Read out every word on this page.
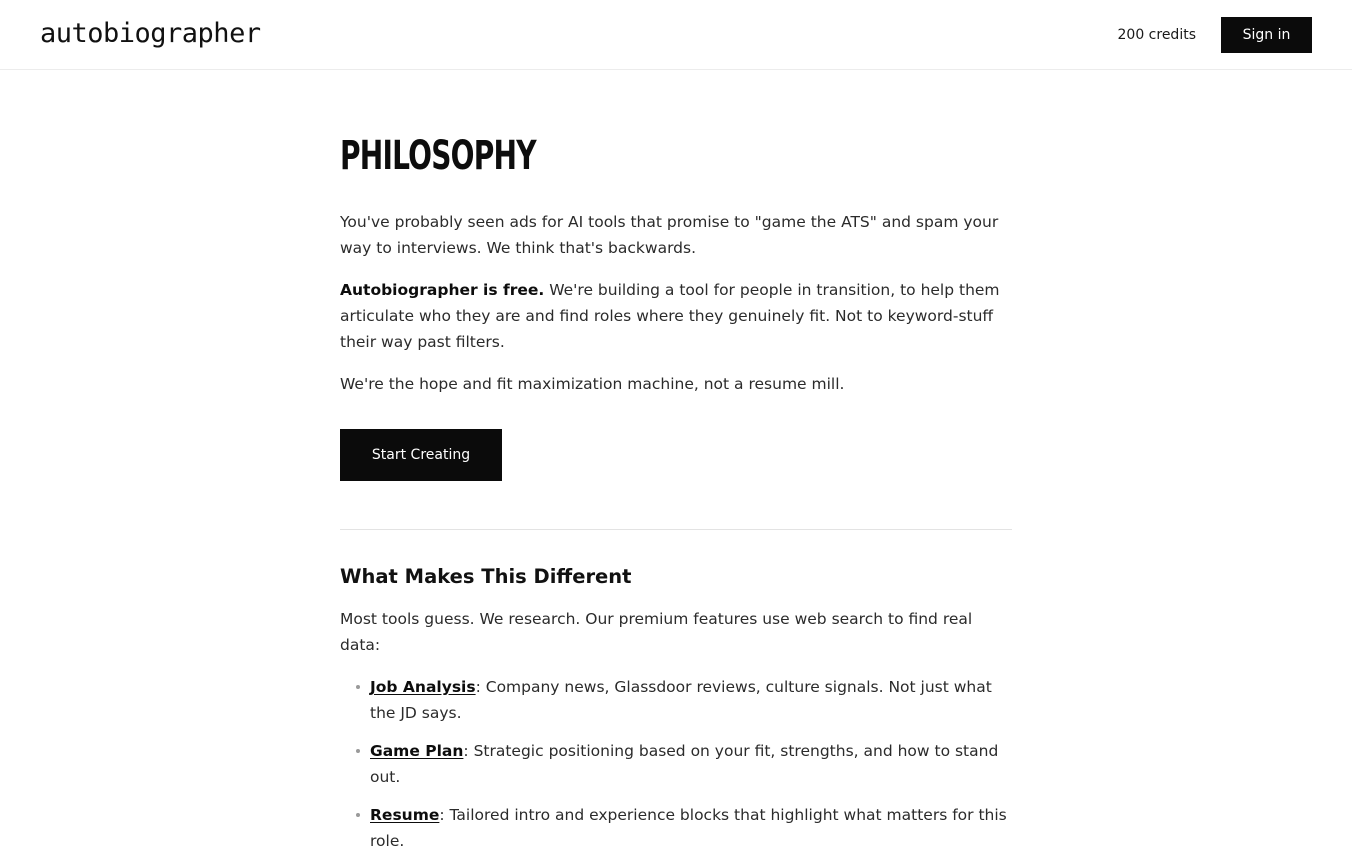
autobiographer	200 credits	Sign in
PHILOSOPHY

You've probably seen ads for AI tools that promise to "game the ATS" and spam your way to interviews. We think that's backwards.

Autobiographer is free. We're building a tool for people in transition, to help them articulate who they are and find roles where they genuinely fit. Not to keyword-stuff their way past filters.

We're the hope and fit maximization machine, not a resume mill.

Start Creating
What Makes This Different

Most tools guess. We research. Our premium features use web search to find real data:

Job Analysis: Company news, Glassdoor reviews, culture signals. Not just what the JD says.
Game Plan: Strategic positioning based on your fit, strengths, and how to stand out.
Resume: Tailored intro and experience blocks that highlight what matters for this role.
